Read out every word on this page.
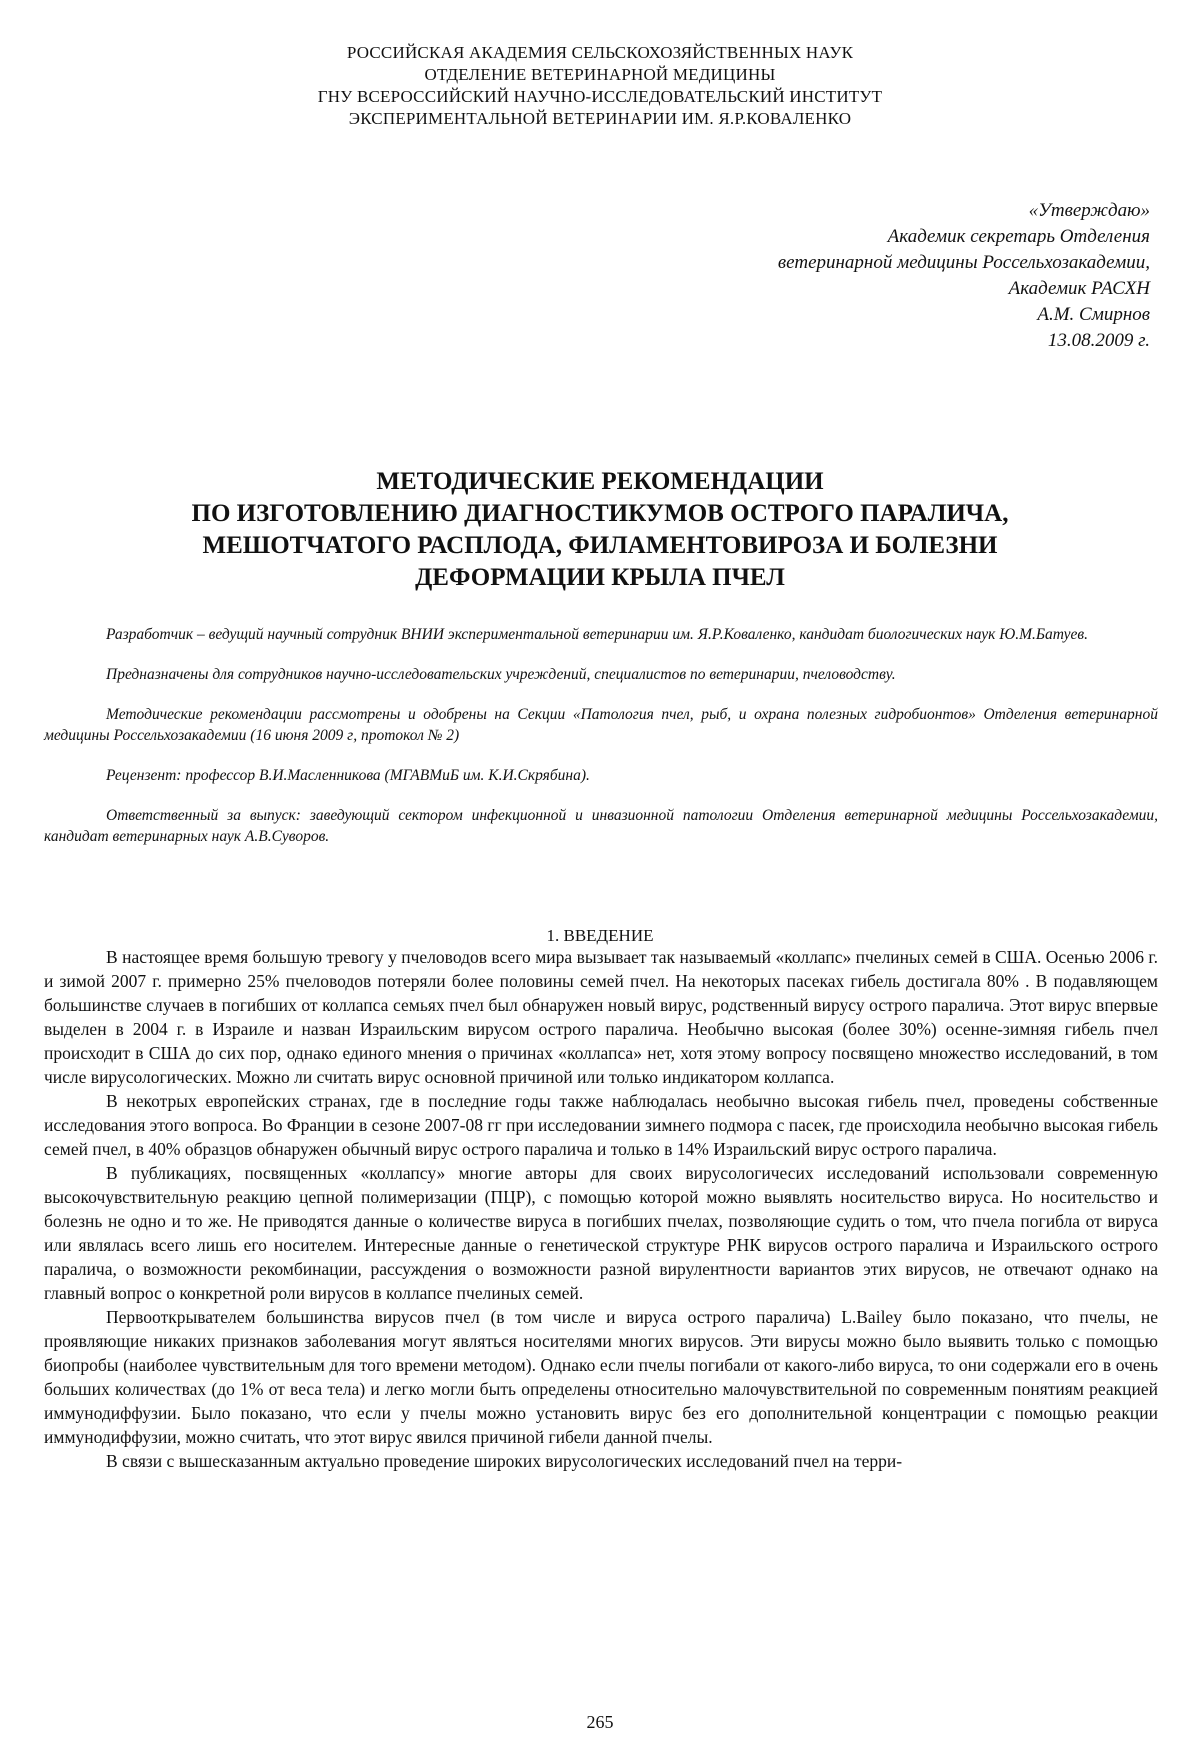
РОССИЙСКАЯ АКАДЕМИЯ СЕЛЬСКОХОЗЯЙСТВЕННЫХ НАУК
ОТДЕЛЕНИЕ ВЕТЕРИНАРНОЙ МЕДИЦИНЫ
ГНУ ВСЕРОССИЙСКИЙ НАУЧНО-ИССЛЕДОВАТЕЛЬСКИЙ ИНСТИТУТ
ЭКСПЕРИМЕНТАЛЬНОЙ ВЕТЕРИНАРИИ ИМ. Я.Р.КОВАЛЕНКО
«Утверждаю»
Академик секретарь Отделения
ветеринарной медицины Россельхозакадемии,
Академик РАСХН
А.М. Смирнов
13.08.2009 г.
МЕТОДИЧЕСКИЕ РЕКОМЕНДАЦИИ
ПО ИЗГОТОВЛЕНИЮ ДИАГНОСТИКУМОВ ОСТРОГО ПАРАЛИЧА,
МЕШОТЧАТОГО РАСПЛОДА, ФИЛАМЕНТОВИРОЗА И БОЛЕЗНИ
ДЕФОРМАЦИИ КРЫЛА ПЧЕЛ

Разработчик – ведущий научный сотрудник ВНИИ экспериментальной ветеринарии им. Я.Р.Коваленко, кандидат биологических наук Ю.М.Батуев.

Предназначены для сотрудников научно-исследовательских учреждений, специалистов по ветеринарии, пчеловодству.

Методические рекомендации рассмотрены и одобрены на Секции «Патология пчел, рыб, и охрана полезных гидробионтов» Отделения ветеринарной медицины Россельхозакадемии (16 июня 2009 г, протокол № 2)

Рецензент: профессор В.И.Масленникова (МГАВМиБ им. К.И.Скрябина).

Ответственный за выпуск: заведующий сектором инфекционной и инвазионной патологии Отделения ветеринарной медицины Россельхозакадемии, кандидат ветеринарных наук А.В.Суворов.

1. ВВЕДЕНИЕ

В настоящее время большую тревогу у пчеловодов всего мира вызывает так называемый «коллапс» пчелиных семей в США. Осенью 2006 г. и зимой 2007 г. примерно 25% пчеловодов потеряли более половины семей пчел. На некоторых пасеках гибель достигала 80% . В подавляющем большинстве случаев в погибших от коллапса семьях пчел был обнаружен новый вирус, родственный вирусу острого паралича. Этот вирус впервые выделен в 2004 г. в Израиле и назван Израильским вирусом острого паралича. Необычно высокая (более 30%) осенне-зимняя гибель пчел происходит в США до сих пор, однако единого мнения о причинах «коллапса» нет, хотя этому вопросу посвящено множество исследований, в том числе вирусологических. Можно ли считать вирус основной причиной или только индикатором коллапса.

В некотрых европейских странах, где в последние годы также наблюдалась необычно высокая гибель пчел, проведены собственные исследования этого вопроса. Во Франции в сезоне 2007-08 гг при исследовании зимнего подмора с пасек, где происходила необычно высокая гибель семей пчел, в 40% образцов обнаружен обычный вирус острого паралича и только в 14% Израильский вирус острого паралича.

В публикациях, посвященных «коллапсу» многие авторы для своих вирусологичесих исследований использовали современную высокочувствительную реакцию цепной полимеризации (ПЦР), с помощью которой можно выявлять носительство вируса. Но носительство и болезнь не одно и то же. Не приводятся данные о количестве вируса в погибших пчелах, позволяющие судить о том, что пчела погибла от вируса или являлась всего лишь его носителем. Интересные данные о генетической структуре РНК вирусов острого паралича и Израильского острого паралича, о возможности рекомбинации, рассуждения о возможности разной вирулентности вариантов этих вирусов, не отвечают однако на главный вопрос о конкретной роли вирусов в коллапсе пчелиных семей.

Первооткрывателем большинства вирусов пчел (в том числе и вируса острого паралича) L.Bailey было показано, что пчелы, не проявляющие никаких признаков заболевания могут являться носителями многих вирусов. Эти вирусы можно было выявить только с помощью биопробы (наиболее чувствительным для того времени методом). Однако если пчелы погибали от какого-либо вируса, то они содержали его в очень больших количествах (до 1% от веса тела) и легко могли быть определены относительно малочувствительной по современным понятиям реакцией иммунодиффузии. Было показано, что если у пчелы можно установить вирус без его дополнительной концентрации с помощью реакции иммунодиффузии, можно считать, что этот вирус явился причиной гибели данной пчелы.

В связи с вышесказанным актуально проведение широких вирусологических исследований пчел на терри-

265
